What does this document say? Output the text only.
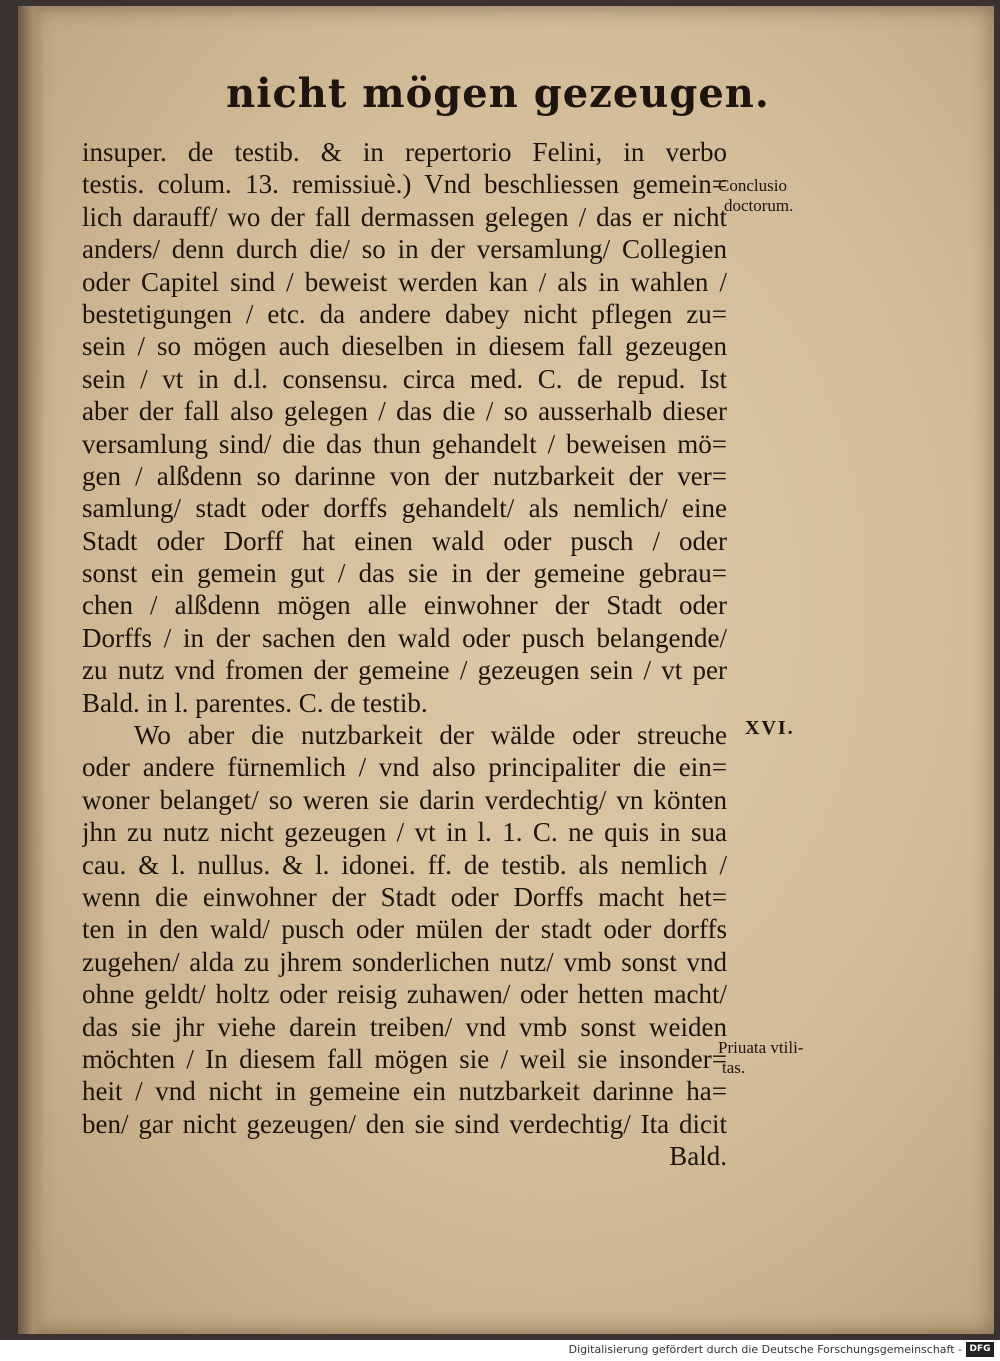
nicht mögen gezeugen.
insuper. de testib. & in repertorio Felini, in verbo
testis. colum. 13. remissiuè.) Vnd beschliessen gemein=
lich darauff/ wo der fall dermassen gelegen / das er nicht
anders/ denn durch die/ so in der versamlung/ Collegien
oder Capitel sind / beweist werden kan / als in wahlen /
bestetigungen / etc. da andere dabey nicht pflegen zu=
sein / so mögen auch dieselben in diesem fall gezeugen
sein / vt in d.l. consensu. circa med. C. de repud. Ist
aber der fall also gelegen / das die / so ausserhalb dieser
versamlung sind/ die das thun gehandelt / beweisen mö=
gen / alßdenn so darinne von der nutzbarkeit der ver=
samlung/ stadt oder dorffs gehandelt/ als nemlich/ eine
Stadt oder Dorff hat einen wald oder pusch / oder
sonst ein gemein gut / das sie in der gemeine gebrau=
chen / alßdenn mögen alle einwohner der Stadt oder
Dorffs / in der sachen den wald oder pusch belangende/
zu nutz vnd fromen der gemeine / gezeugen sein / vt per
Bald. in l. parentes. C. de testib.
Wo aber die nutzbarkeit der wälde oder streuche
oder andere fürnemlich / vnd also principaliter die ein=
woner belanget/ so weren sie darin verdechtig/ vn könten
jhn zu nutz nicht gezeugen / vt in l. 1. C. ne quis in sua
cau. & l. nullus. & l. idonei. ff. de testib. als nemlich /
wenn die einwohner der Stadt oder Dorffs macht het=
ten in den wald/ pusch oder mülen der stadt oder dorffs
zugehen/ alda zu jhrem sonderlichen nutz/ vmb sonst vnd
ohne geldt/ holtz oder reisig zuhawen/ oder hetten macht/
das sie jhr viehe darein treiben/ vnd vmb sonst weiden
möchten / In diesem fall mögen sie / weil sie insonder=
heit / vnd nicht in gemeine ein nutzbarkeit darinne ha=
ben/ gar nicht gezeugen/ den sie sind verdechtig/ Ita dicit
Bald.
Conclusio
doctorum.
XVI.
Priuata vtili-
tas.
Digitalisierung gefördert durch die Deutsche Forschungsgemeinschaft - DFG
